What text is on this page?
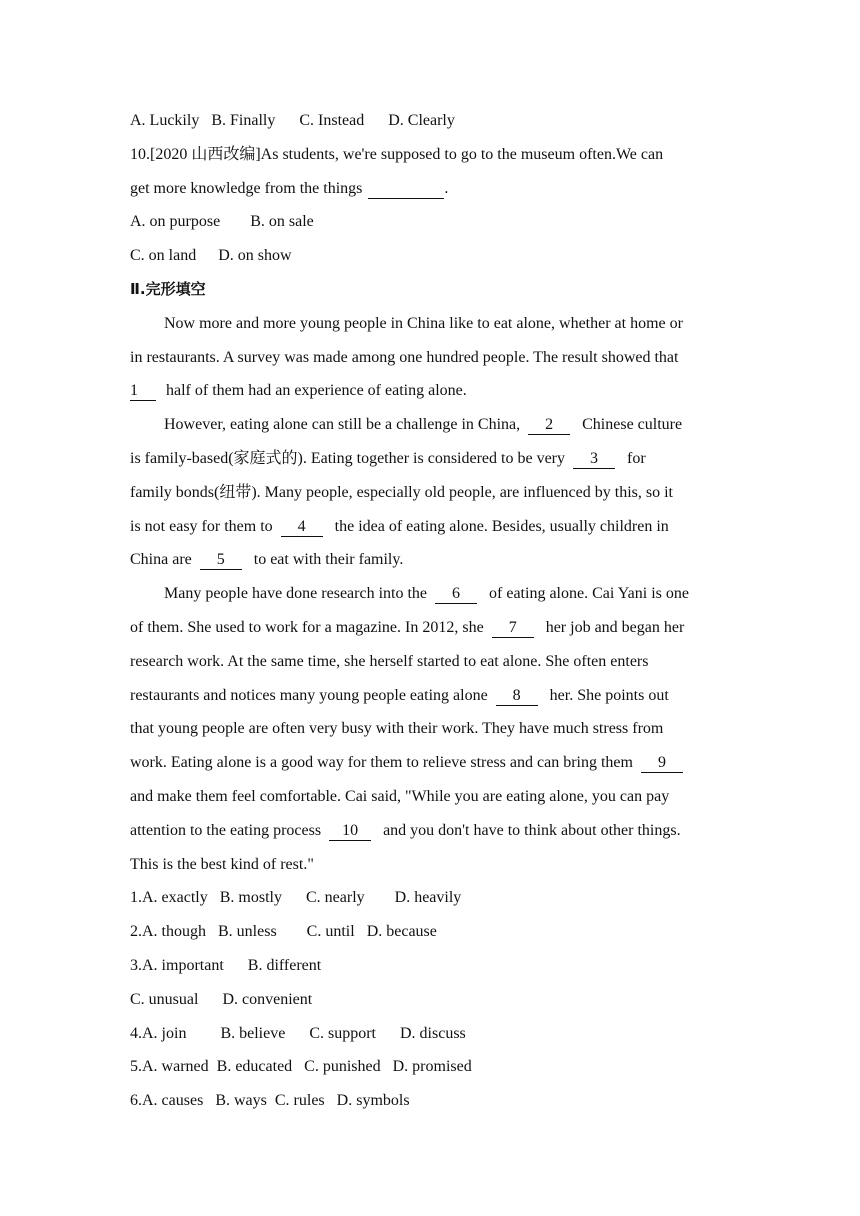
A. Luckily B. Finally C. Instead D. Clearly
10.[2020 山西改编]As students, we're supposed to go to the museum often.We can
get more knowledge from the things	.
A. on purpose B. on sale
C. on land D. on show
Ⅱ.完形填空
Now more and more young people in China like to eat alone, whether at home or
in restaurants. A survey was made among one hundred people. The result showed that
1 half of them had an experience of eating alone.
However, eating alone can still be a challenge in China, 2 Chinese culture
is family-based(家庭式的). Eating together is considered to be very 3 for
family bonds(纽带). Many people, especially old people, are influenced by this, so it
is not easy for them to 4 the idea of eating alone. Besides, usually children in
China are 5 to eat with their family.
Many people have done research into the 6 of eating alone. Cai Yani is one
of them. She used to work for a magazine. In 2012, she 7 her job and began her
research work. At the same time, she herself started to eat alone. She often enters
restaurants and notices many young people eating alone 8 her. She points out
that young people are often very busy with their work. They have much stress from
work. Eating alone is a good way for them to relieve stress and can bring them 9
and make them feel comfortable. Cai said, "While you are eating alone, you can pay
attention to the eating process 10 and you don't have to think about other things.
This is the best kind of rest."
1.A. exactly B. mostly C. nearly D. heavily
2.A. though B. unless C. until D. because
3.A. important B. different
C. unusual D. convenient
4.A. join B. believe C. support D. discuss
5.A. warned B. educated C. punished D. promised
6.A. causes B. ways C. rules D. symbols
